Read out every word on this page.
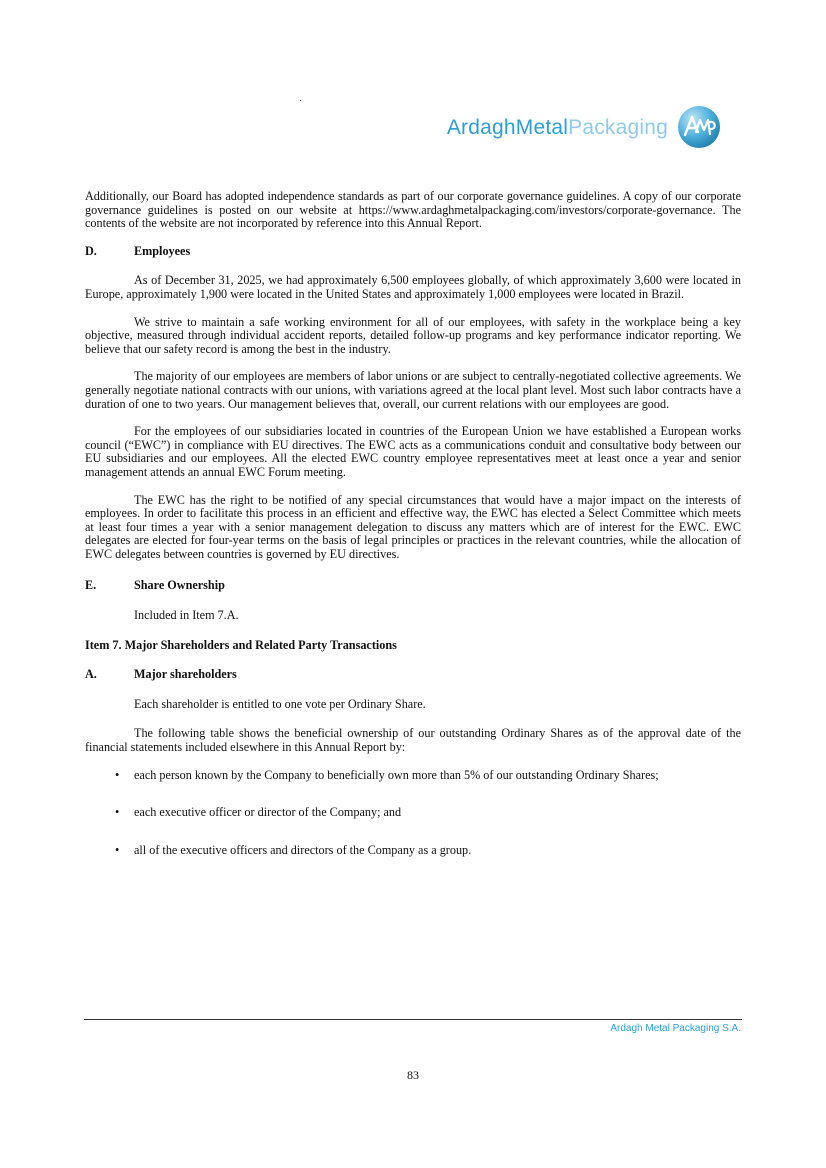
ArdaghMetalPackaging

Additionally, our Board has adopted independence standards as part of our corporate governance guidelines. A copy of our corporate governance guidelines is posted on our website at https://www.ardaghmetalpackaging.com/investors/corporate-governance. The contents of the website are not incorporated by reference into this Annual Report.

D.	Employees

As of December 31, 2025, we had approximately 6,500 employees globally, of which approximately 3,600 were located in Europe, approximately 1,900 were located in the United States and approximately 1,000 employees were located in Brazil.

We strive to maintain a safe working environment for all of our employees, with safety in the workplace being a key objective, measured through individual accident reports, detailed follow-up programs and key performance indicator reporting. We believe that our safety record is among the best in the industry.

The majority of our employees are members of labor unions or are subject to centrally-negotiated collective agreements. We generally negotiate national contracts with our unions, with variations agreed at the local plant level. Most such labor contracts have a duration of one to two years. Our management believes that, overall, our current relations with our employees are good.

For the employees of our subsidiaries located in countries of the European Union we have established a European works council (“EWC”) in compliance with EU directives. The EWC acts as a communications conduit and consultative body between our EU subsidiaries and our employees. All the elected EWC country employee representatives meet at least once a year and senior management attends an annual EWC Forum meeting.

The EWC has the right to be notified of any special circumstances that would have a major impact on the interests of employees. In order to facilitate this process in an efficient and effective way, the EWC has elected a Select Committee which meets at least four times a year with a senior management delegation to discuss any matters which are of interest for the EWC. EWC delegates are elected for four-year terms on the basis of legal principles or practices in the relevant countries, while the allocation of EWC delegates between countries is governed by EU directives.

E.	Share Ownership
Included in Item 7.A.
Item 7. Major Shareholders and Related Party Transactions
A.	Major shareholders

Each shareholder is entitled to one vote per Ordinary Share.

The following table shows the beneficial ownership of our outstanding Ordinary Shares as of the approval date of the financial statements included elsewhere in this Annual Report by:

• each person known by the Company to beneficially own more than 5% of our outstanding Ordinary Shares;
• each executive officer or director of the Company; and
• all of the executive officers and directors of the Company as a group.
Ardagh Metal Packaging S.A.
83
